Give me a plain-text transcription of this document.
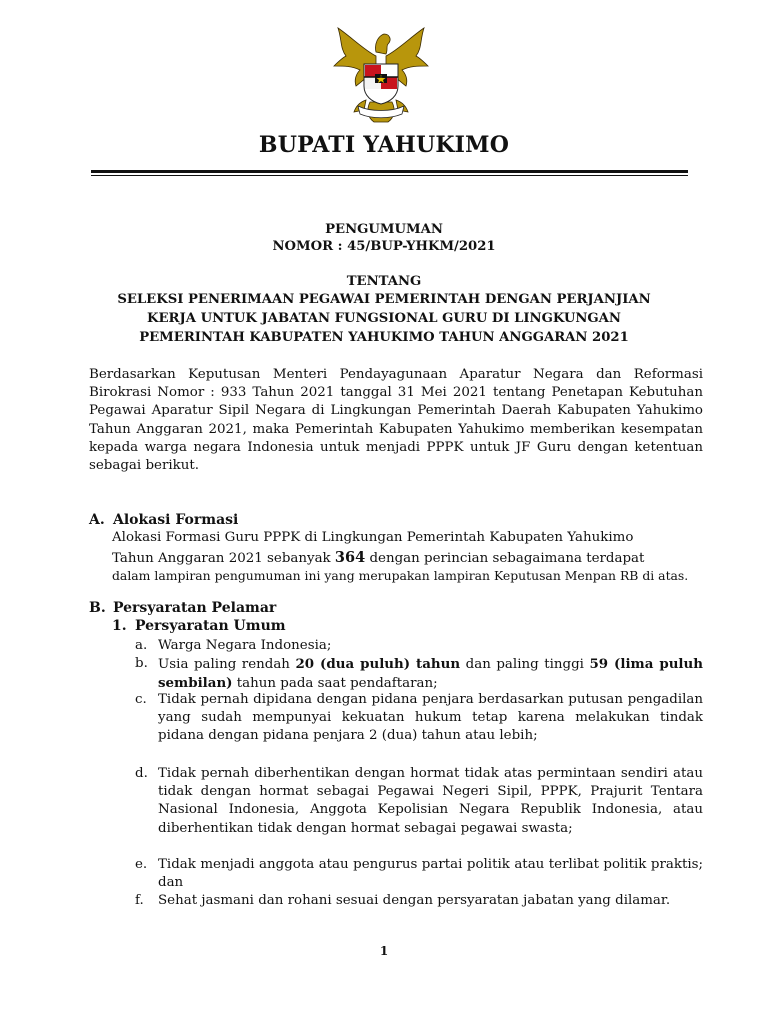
BUPATI YAHUKIMO
PENGUMUMAN
NOMOR : 45/BUP-YHKM/2021
TENTANG
SELEKSI PENERIMAAN PEGAWAI PEMERINTAH DENGAN PERJANJIAN
KERJA UNTUK JABATAN FUNGSIONAL GURU DI LINGKUNGAN
PEMERINTAH KABUPATEN YAHUKIMO TAHUN ANGGARAN 2021
Berdasarkan Keputusan Menteri Pendayagunaan Aparatur Negara dan Reformasi Birokrasi Nomor : 933 Tahun 2021 tanggal 31 Mei 2021 tentang Penetapan Kebutuhan Pegawai Aparatur Sipil Negara di Lingkungan Pemerintah Daerah Kabupaten Yahukimo Tahun Anggaran 2021, maka Pemerintah Kabupaten Yahukimo memberikan kesempatan kepada warga negara Indonesia untuk menjadi PPPK untuk JF Guru dengan ketentuan sebagai berikut.
A. Alokasi Formasi
Alokasi Formasi Guru PPPK di Lingkungan Pemerintah Kabupaten Yahukimo
Tahun Anggaran 2021 sebanyak 364 dengan perincian sebagaimana terdapat
dalam lampiran pengumuman ini yang merupakan lampiran Keputusan Menpan RB di atas.
B. Persyaratan Pelamar
1. Persyaratan Umum
a. Warga Negara Indonesia;
b. Usia paling rendah 20 (dua puluh) tahun dan paling tinggi 59 (lima puluh sembilan) tahun pada saat pendaftaran;
c. Tidak pernah dipidana dengan pidana penjara berdasarkan putusan pengadilan yang sudah mempunyai kekuatan hukum tetap karena melakukan tindak pidana dengan pidana penjara 2 (dua) tahun atau lebih;
d. Tidak pernah diberhentikan dengan hormat tidak atas permintaan sendiri atau tidak dengan hormat sebagai Pegawai Negeri Sipil, PPPK, Prajurit Tentara Nasional Indonesia, Anggota Kepolisian Negara Republik Indonesia, atau diberhentikan tidak dengan hormat sebagai pegawai swasta;
e. Tidak menjadi anggota atau pengurus partai politik atau terlibat politik praktis; dan
f. Sehat jasmani dan rohani sesuai dengan persyaratan jabatan yang dilamar.
1
